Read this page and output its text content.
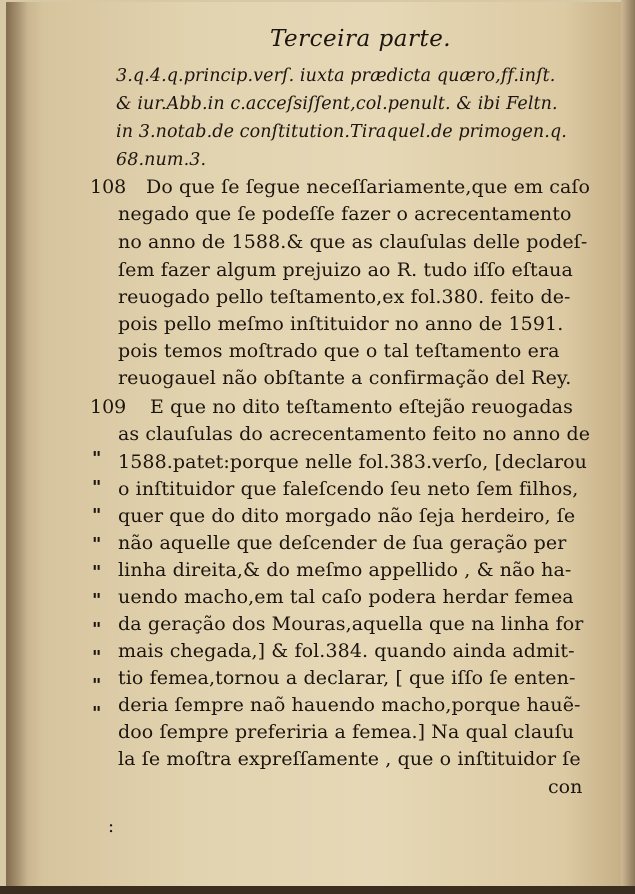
Terceira parte.
3.q.4.q.princip.verſ. iuxta prædicta quæro,ff.inſt.
& iur.Abb.in c.acceſsiſſent,col.penult. & ibi Feltn.
in 3.notab.de conſtitution.Tiraquel.de primogen.q.
68.num.3.
108 Do que ſe ſegue neceſſariamente,que em caſo
negado que ſe podeſſe fazer o acrecentamento
no anno de 1588.& que as clauſulas delle podeſ-
ſem fazer algum prejuizo ao R. tudo iſſo eſtaua
reuogado pello teſtamento,ex fol.380. feito de-
pois pello meſmo inſtituidor no anno de 1591.
pois temos moſtrado que o tal teſtamento era
reuogauel não obſtante a confirmação del Rey.
109 E que no dito teſtamento eſtejão reuogadas
as clauſulas do acrecentamento feito no anno de
1588.patet:porque nelle fol.383.verſo, [declarou
o inſtituidor que faleſcendo ſeu neto ſem filhos,
quer que do dito morgado não ſeja herdeiro, ſe
não aquelle que deſcender de ſua geração per
linha direita,& do meſmo appellido , & não ha-
uendo macho,em tal caſo podera herdar femea
da geração dos Mouras,aquella que na linha for
mais chegada,] & fol.384. quando ainda admit-
tio femea,tornou a declarar, [ que iſſo ſe enten-
deria ſempre naõ hauendo macho,porque hauẽ-
doo ſempre preferiria a femea.] Na qual clauſu
la ſe moſtra expreſſamente , que o inſtituidor ſe
"
"
"
"
"
"
"
"
"
"
con
:
